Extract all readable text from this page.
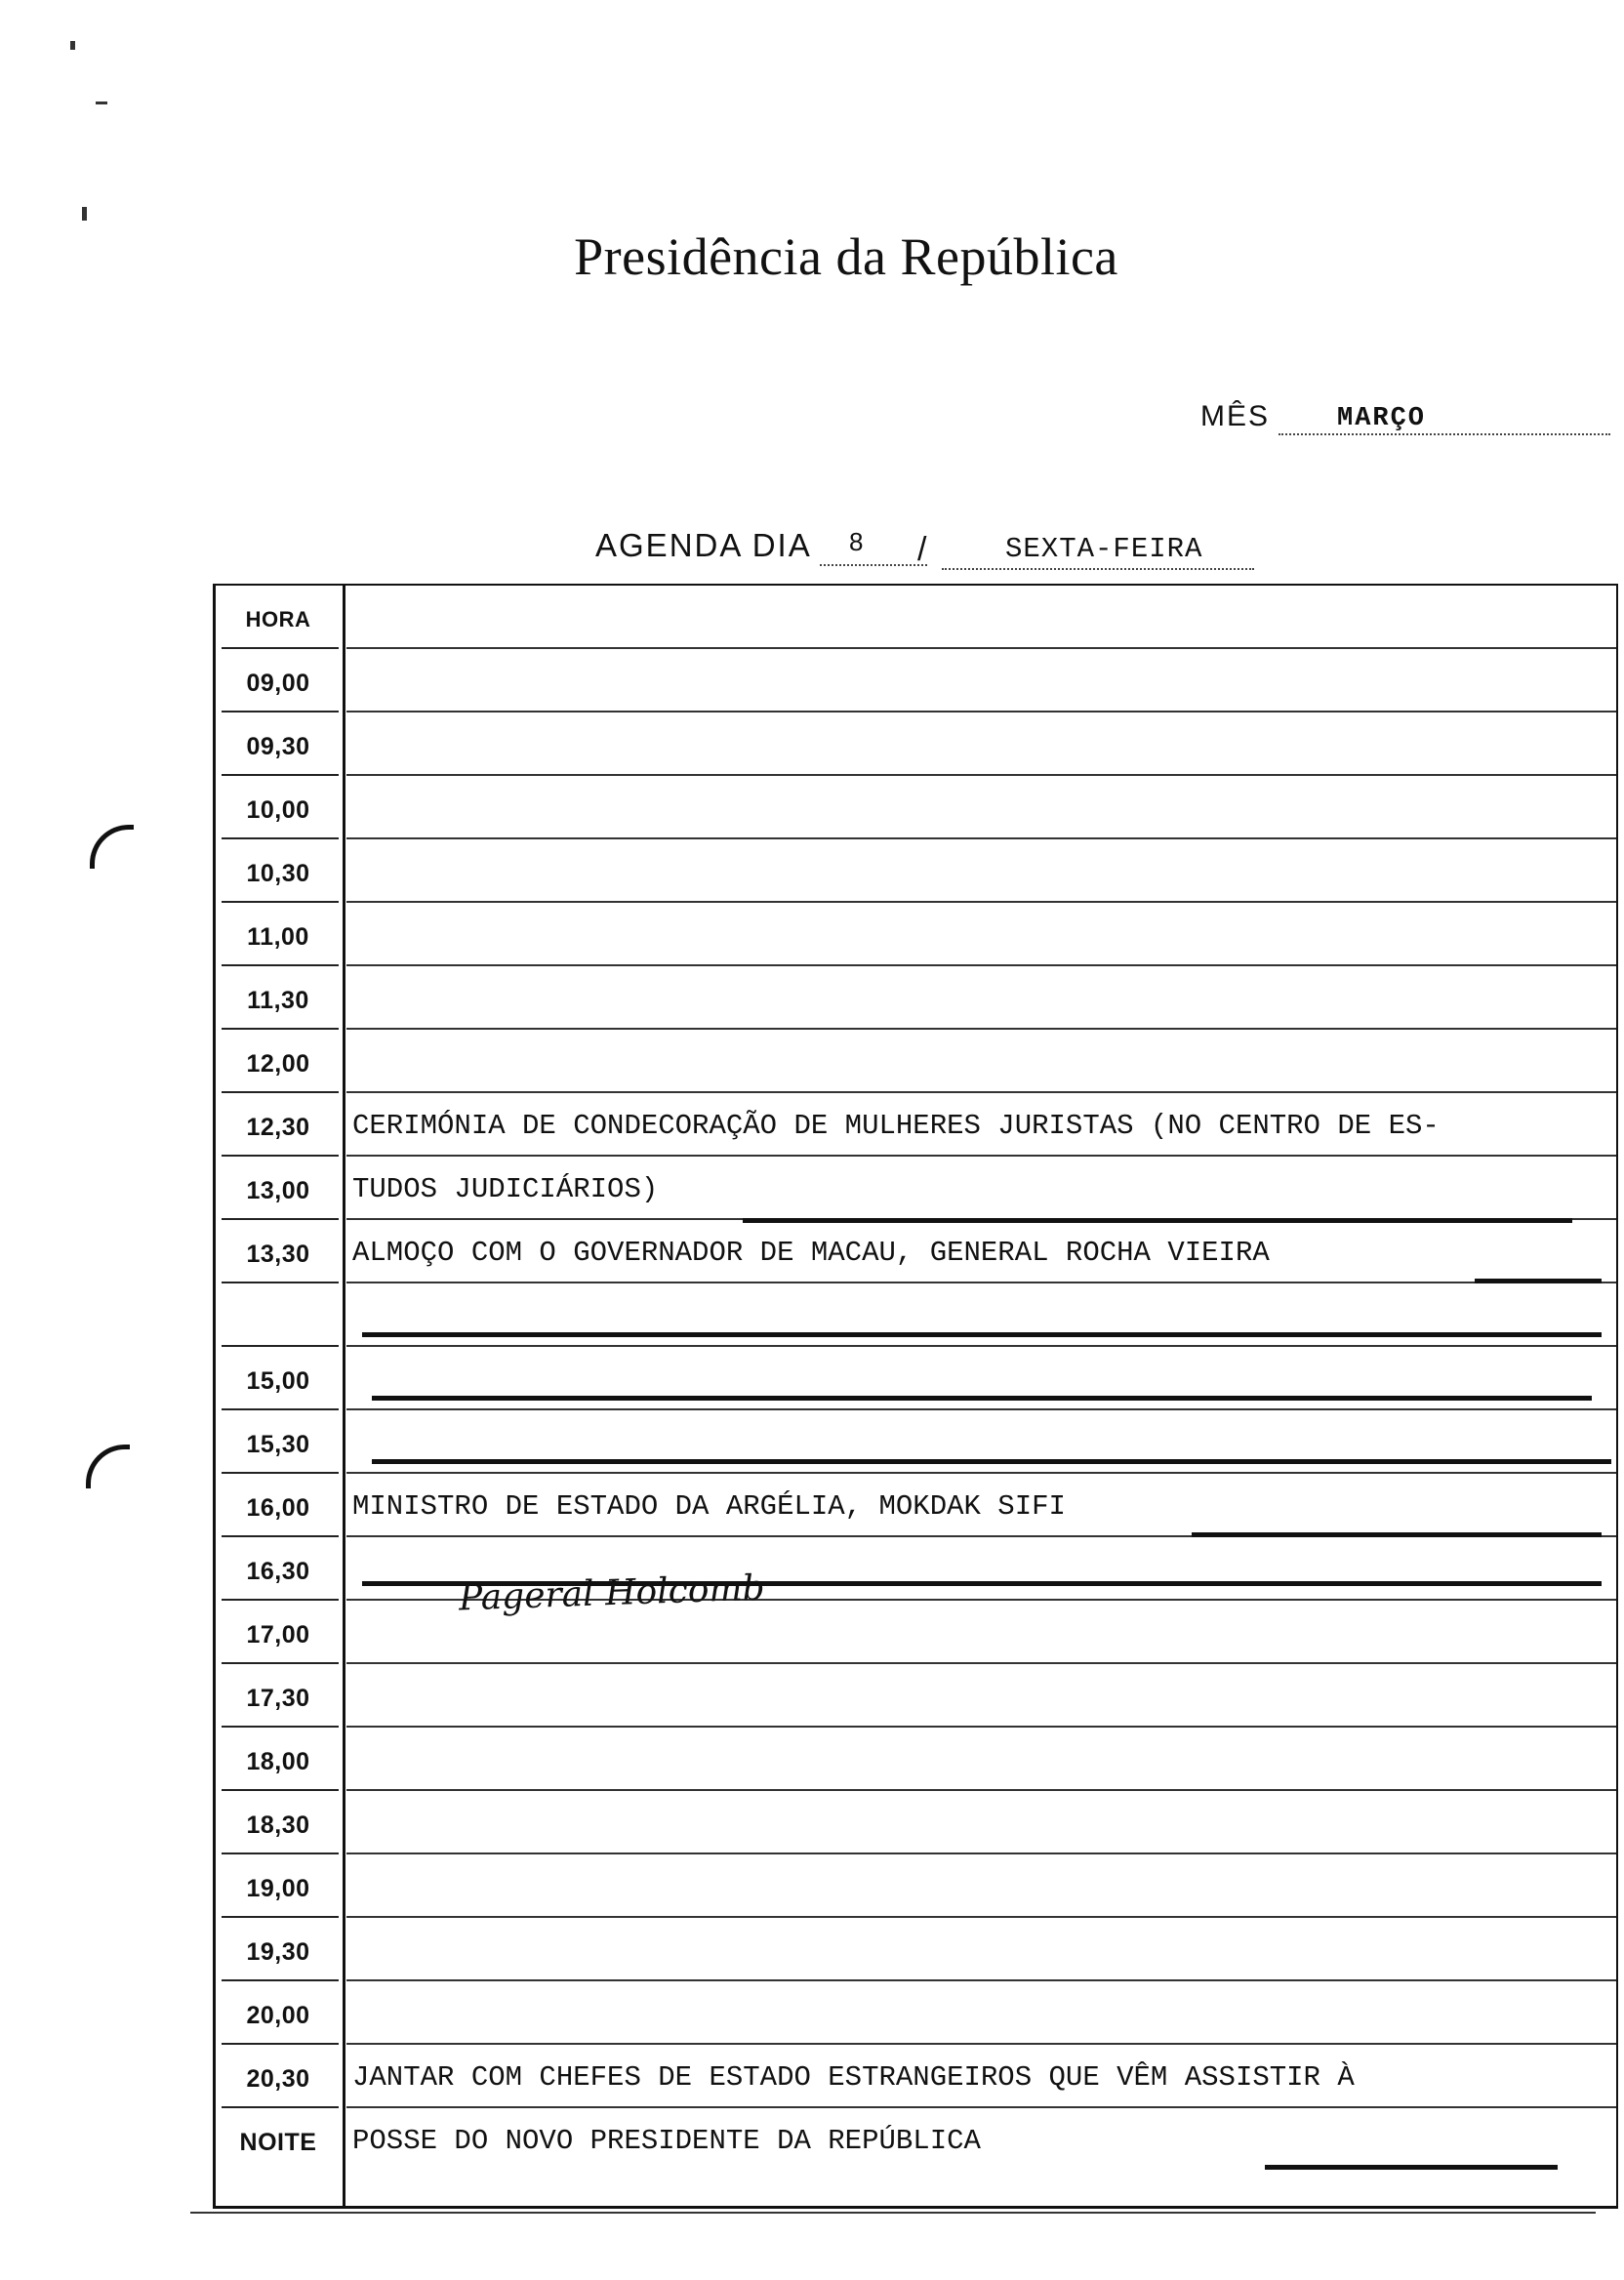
Presidência da República
MÊS	MARÇO
AGENDA DIA 8 /	SEXTA-FEIRA
HORA
09,00
09,30
10,00
10,30
11,00
11,30
12,00
12,30	CERIMÓNIA DE CONDECORAÇÃO DE MULHERES JURISTAS (NO CENTRO DE ES-
13,00	TUDOS JUDICIÁRIOS)
13,30	ALMOÇO COM O GOVERNADOR DE MACAU, GENERAL ROCHA VIEIRA
15,00
15,30
16,00	MINISTRO DE ESTADO DA ARGÉLIA, MOKDAK SIFI
16,30
17,00
17,30
18,00
18,30
19,00
19,30
20,00
20,30	JANTAR COM CHEFES DE ESTADO ESTRANGEIROS QUE VÊM ASSISTIR À
NOITE	POSSE DO NOVO PRESIDENTE DA REPÚBLICA
Pageral Holcomb
